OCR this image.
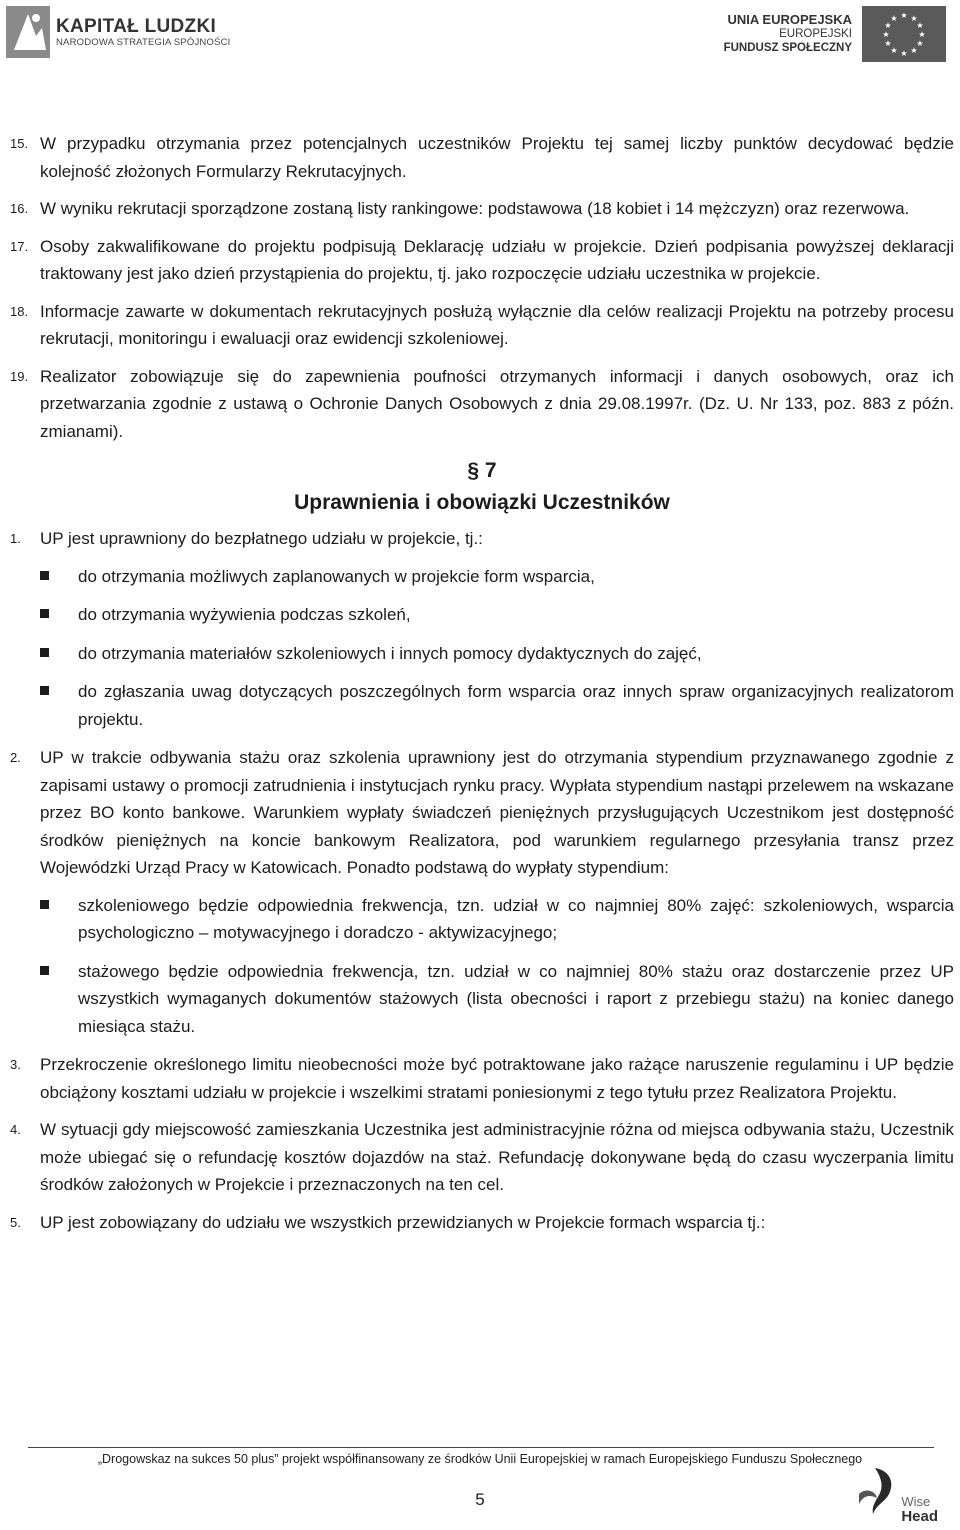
KAPITAŁ LUDZKI
NARODOWA STRATEGIA SPÓJNOŚCI
UNIA EUROPEJSKA
EUROPEJSKI
FUNDUSZ SPOŁECZNY
★ ★
★
★
★
★
★
★
★
★
★
★
15. W przypadku otrzymania przez potencjalnych uczestników Projektu tej samej liczby punktów decydować będzie kolejność złożonych Formularzy Rekrutacyjnych.
16. W wyniku rekrutacji sporządzone zostaną listy rankingowe: podstawowa (18 kobiet i 14 mężczyzn) oraz rezerwowa.
17. Osoby zakwalifikowane do projektu podpisują Deklarację udziału w projekcie. Dzień podpisania powyższej deklaracji traktowany jest jako dzień przystąpienia do projektu, tj. jako rozpoczęcie udziału uczestnika w projekcie.
18. Informacje zawarte w dokumentach rekrutacyjnych posłużą wyłącznie dla celów realizacji Projektu na potrzeby procesu rekrutacji, monitoringu i ewaluacji oraz ewidencji szkoleniowej.
19. Realizator zobowiązuje się do zapewnienia poufności otrzymanych informacji i danych osobowych, oraz ich przetwarzania zgodnie z ustawą o Ochronie Danych Osobowych z dnia 29.08.1997r. (Dz. U. Nr 133, poz. 883 z późn. zmianami).
§ 7
Uprawnienia i obowiązki Uczestników
1. UP jest uprawniony do bezpłatnego udziału w projekcie, tj.:
do otrzymania możliwych zaplanowanych w projekcie form wsparcia,
do otrzymania wyżywienia podczas szkoleń,
do otrzymania materiałów szkoleniowych i innych pomocy dydaktycznych do zajęć,
do zgłaszania uwag dotyczących poszczególnych form wsparcia oraz innych spraw organizacyjnych realizatorom projektu.
2. UP w trakcie odbywania stażu oraz szkolenia uprawniony jest do otrzymania stypendium przyznawanego zgodnie z zapisami ustawy o promocji zatrudnienia i instytucjach rynku pracy. Wypłata stypendium nastąpi przelewem na wskazane przez BO konto bankowe. Warunkiem wypłaty świadczeń pieniężnych przysługujących Uczestnikom jest dostępność środków pieniężnych na koncie bankowym Realizatora, pod warunkiem regularnego przesyłania transz przez Wojewódzki Urząd Pracy w Katowicach. Ponadto podstawą do wypłaty stypendium:
szkoleniowego będzie odpowiednia frekwencja, tzn. udział w co najmniej 80% zajęć: szkoleniowych, wsparcia psychologiczno – motywacyjnego i doradczo - aktywizacyjnego;
stażowego będzie odpowiednia frekwencja, tzn. udział w co najmniej 80% stażu oraz dostarczenie przez UP wszystkich wymaganych dokumentów stażowych (lista obecności i raport z przebiegu stażu) na koniec danego miesiąca stażu.
3. Przekroczenie określonego limitu nieobecności może być potraktowane jako rażące naruszenie regulaminu i UP będzie obciążony kosztami udziału w projekcie i wszelkimi stratami poniesionymi z tego tytułu przez Realizatora Projektu.
4. W sytuacji gdy miejscowość zamieszkania Uczestnika jest administracyjnie różna od miejsca odbywania stażu, Uczestnik może ubiegać się o refundację kosztów dojazdów na staż. Refundację dokonywane będą do czasu wyczerpania limitu środków założonych w Projekcie i przeznaczonych na ten cel.
5. UP jest zobowiązany do udziału we wszystkich przewidzianych w Projekcie formach wsparcia tj.:
„Drogowskaz na sukces 50 plus” projekt współfinansowany ze środków Unii Europejskiej w ramach Europejskiego Funduszu Społecznego
5	Wise
Head
